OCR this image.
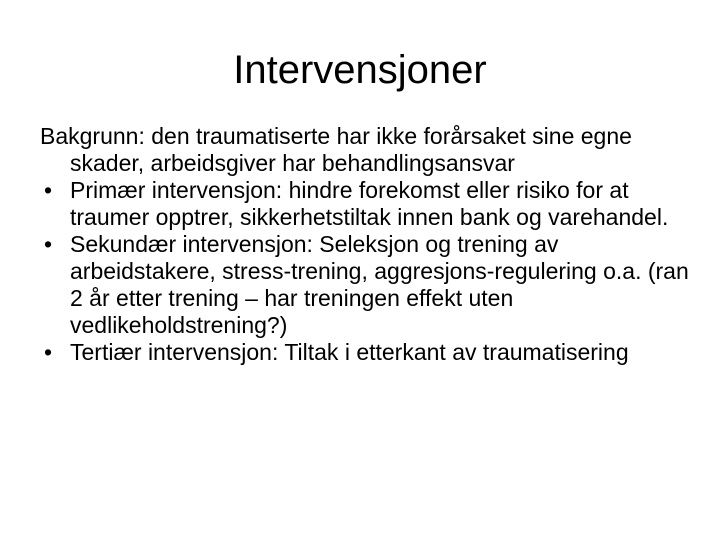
Intervensjoner

Bakgrunn: den traumatiserte har ikke forårsaket sine egne skader, arbeidsgiver har behandlingsansvar

• Primær intervensjon: hindre forekomst eller risiko for at traumer opptrer, sikkerhetstiltak innen bank og varehandel.
• Sekundær intervensjon: Seleksjon og trening av arbeidstakere, stress-trening, aggresjons-regulering o.a. (ran 2 år etter trening – har treningen effekt uten vedlikeholdstrening?)
• Tertiær intervensjon: Tiltak i etterkant av traumatisering
